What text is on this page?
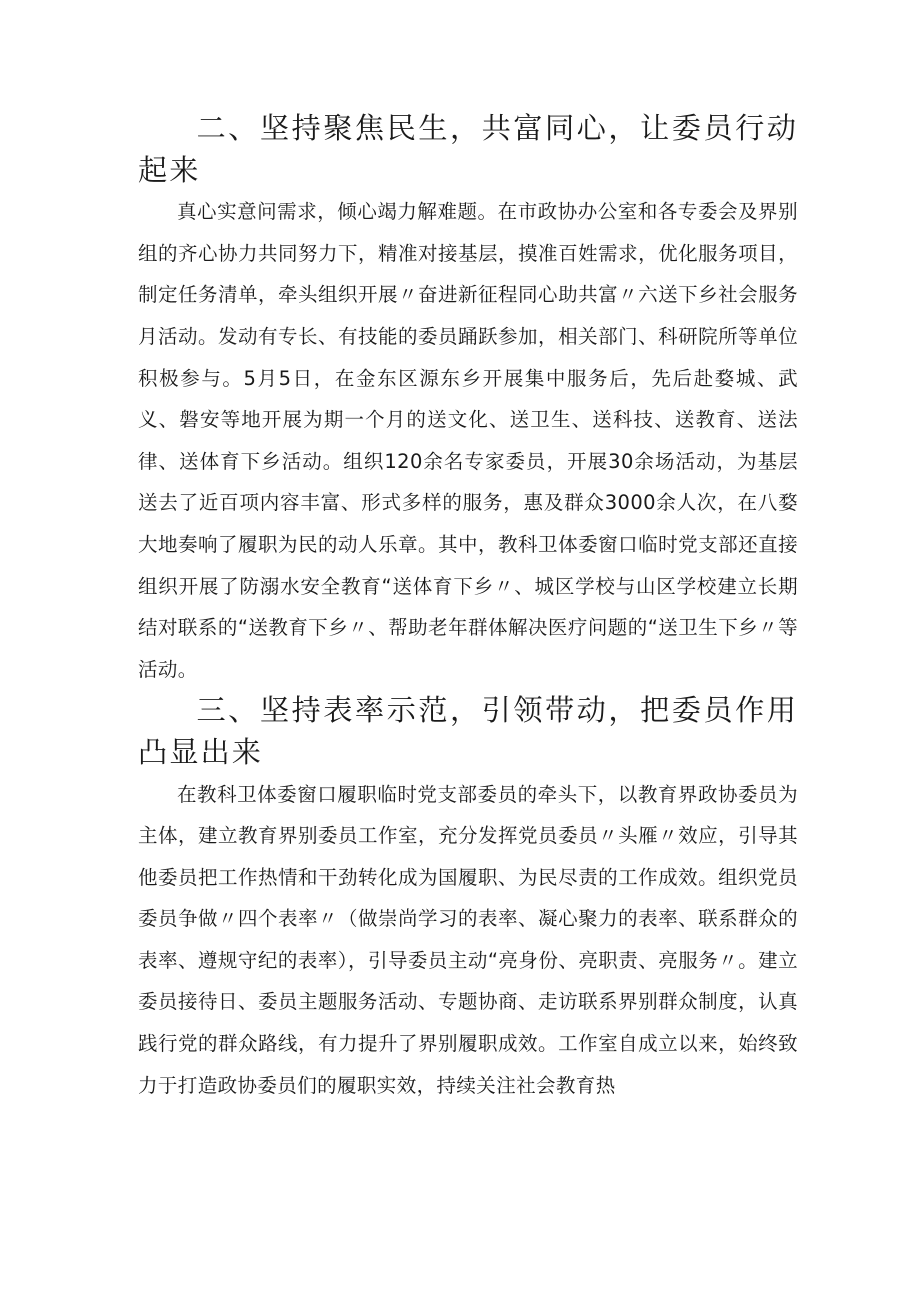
二、坚持聚焦民生，共富同心，让委员行动起来

真心实意问需求，倾心竭力解难题。在市政协办公室和各专委会及界别组的齐心协力共同努力下，精准对接基层，摸准百姓需求，优化服务项目，制定任务清单，牵头组织开展〃奋进新征程同心助共富〃六送下乡社会服务月活动。发动有专长、有技能的委员踊跃参加，相关部门、科研院所等单位积极参与。5月5日，在金东区源东乡开展集中服务后，先后赴婺城、武义、磐安等地开展为期一个月的送文化、送卫生、送科技、送教育、送法律、送体育下乡活动。组织120余名专家委员，开展30余场活动，为基层送去了近百项内容丰富、形式多样的服务，惠及群众3000余人次，在八婺大地奏响了履职为民的动人乐章。其中，教科卫体委窗口临时党支部还直接组织开展了防溺水安全教育“送体育下乡〃、城区学校与山区学校建立长期结对联系的“送教育下乡〃、帮助老年群体解决医疗问题的“送卫生下乡〃等活动。

三、坚持表率示范，引领带动，把委员作用凸显出来

在教科卫体委窗口履职临时党支部委员的牵头下，以教育界政协委员为主体，建立教育界别委员工作室，充分发挥党员委员〃头雁〃效应，引导其他委员把工作热情和干劲转化成为国履职、为民尽责的工作成效。组织党员委员争做〃四个表率〃（做崇尚学习的表率、凝心聚力的表率、联系群众的表率、遵规守纪的表率），引导委员主动“亮身份、亮职责、亮服务〃。建立委员接待日、委员主题服务活动、专题协商、走访联系界别群众制度，认真践行党的群众路线，有力提升了界别履职成效。工作室自成立以来，始终致力于打造政协委员们的履职实效，持续关注社会教育热
